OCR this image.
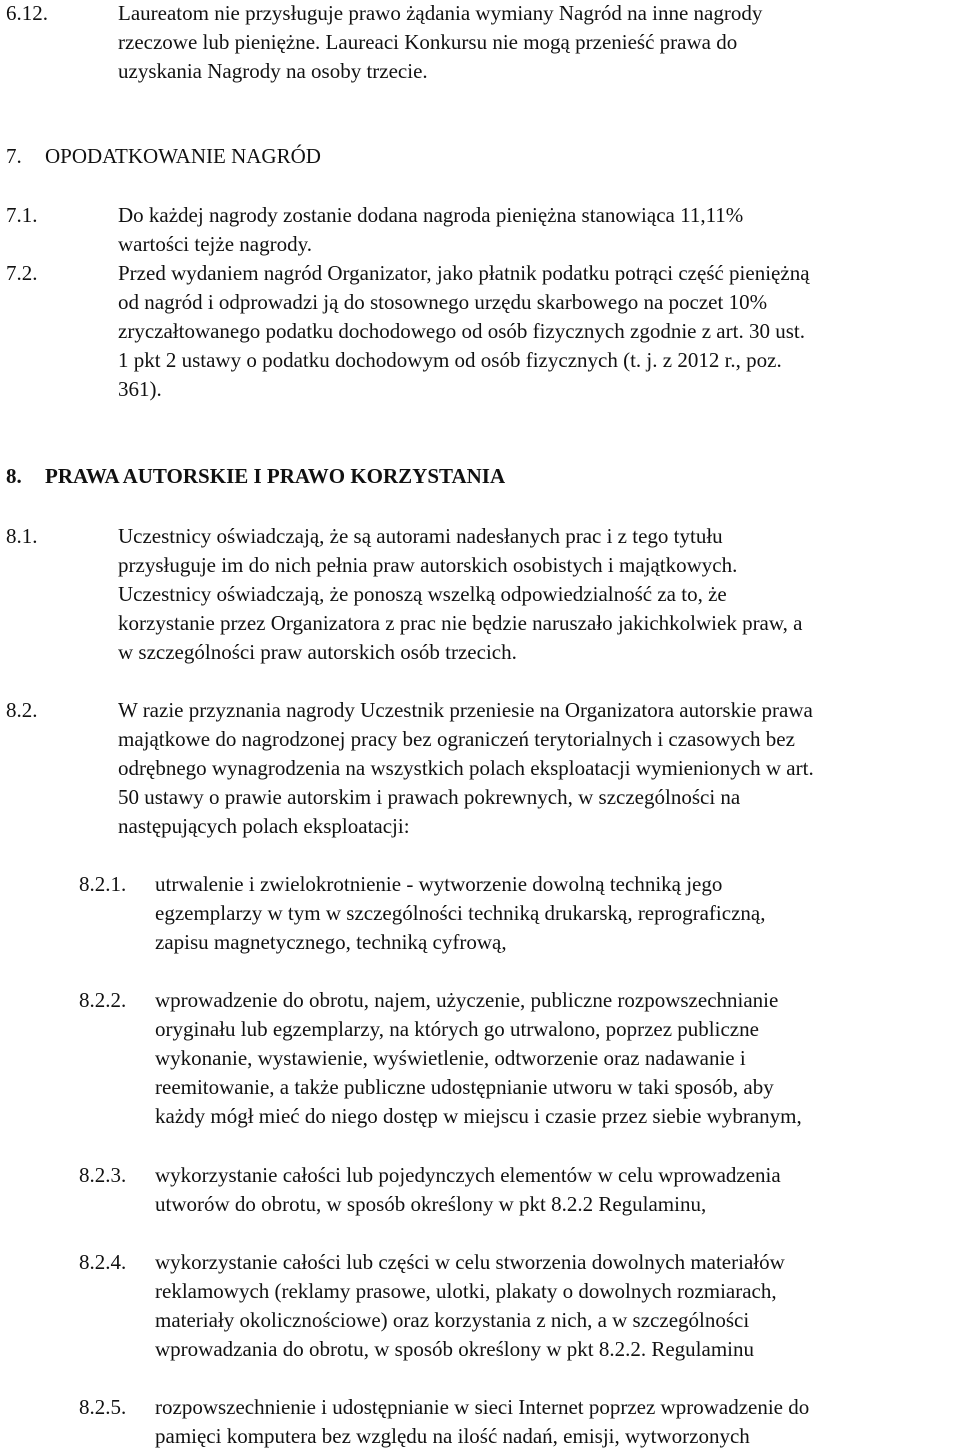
6.12.	Laureatom nie przysługuje prawo żądania wymiany Nagród na inne nagrody
rzeczowe lub pieniężne. Laureaci Konkursu nie mogą przenieść prawa do
uzyskania Nagrody na osoby trzecie.
7. OPODATKOWANIE NAGRÓD
7.1.	Do każdej nagrody zostanie dodana nagroda pieniężna stanowiąca 11,11%
wartości tejże nagrody.
7.2.	Przed wydaniem nagród Organizator, jako płatnik podatku potrąci część pieniężną
od nagród i odprowadzi ją do stosownego urzędu skarbowego na poczet 10%
zryczałtowanego podatku dochodowego od osób fizycznych zgodnie z art. 30 ust.
1 pkt 2 ustawy o podatku dochodowym od osób fizycznych (t. j. z 2012 r., poz.
361).
8. PRAWA AUTORSKIE I PRAWO KORZYSTANIA
8.1.	Uczestnicy oświadczają, że są autorami nadesłanych prac i z tego tytułu
przysługuje im do nich pełnia praw autorskich osobistych i majątkowych.
Uczestnicy oświadczają, że ponoszą wszelką odpowiedzialność za to, że
korzystanie przez Organizatora z prac nie będzie naruszało jakichkolwiek praw, a
w szczególności praw autorskich osób trzecich.
8.2.	W razie przyznania nagrody Uczestnik przeniesie na Organizatora autorskie prawa
majątkowe do nagrodzonej pracy bez ograniczeń terytorialnych i czasowych bez
odrębnego wynagrodzenia na wszystkich polach eksploatacji wymienionych w art.
50 ustawy o prawie autorskim i prawach pokrewnych, w szczególności na
następujących polach eksploatacji:
8.2.1. utrwalenie i zwielokrotnienie - wytworzenie dowolną techniką jego
egzemplarzy w tym w szczególności techniką drukarską, reprograficzną,
zapisu magnetycznego, techniką cyfrową,
8.2.2. wprowadzenie do obrotu, najem, użyczenie, publiczne rozpowszechnianie
oryginału lub egzemplarzy, na których go utrwalono, poprzez publiczne
wykonanie, wystawienie, wyświetlenie, odtworzenie oraz nadawanie i
reemitowanie, a także publiczne udostępnianie utworu w taki sposób, aby
każdy mógł mieć do niego dostęp w miejscu i czasie przez siebie wybranym,
8.2.3. wykorzystanie całości lub pojedynczych elementów w celu wprowadzenia
utworów do obrotu, w sposób określony w pkt 8.2.2 Regulaminu,
8.2.4. wykorzystanie całości lub części w celu stworzenia dowolnych materiałów
reklamowych (reklamy prasowe, ulotki, plakaty o dowolnych rozmiarach,
materiały okolicznościowe) oraz korzystania z nich, a w szczególności
wprowadzania do obrotu, w sposób określony w pkt 8.2.2. Regulaminu
8.2.5. rozpowszechnienie i udostępnianie w sieci Internet poprzez wprowadzenie do
pamięci komputera bez względu na ilość nadań, emisji, wytworzonych
